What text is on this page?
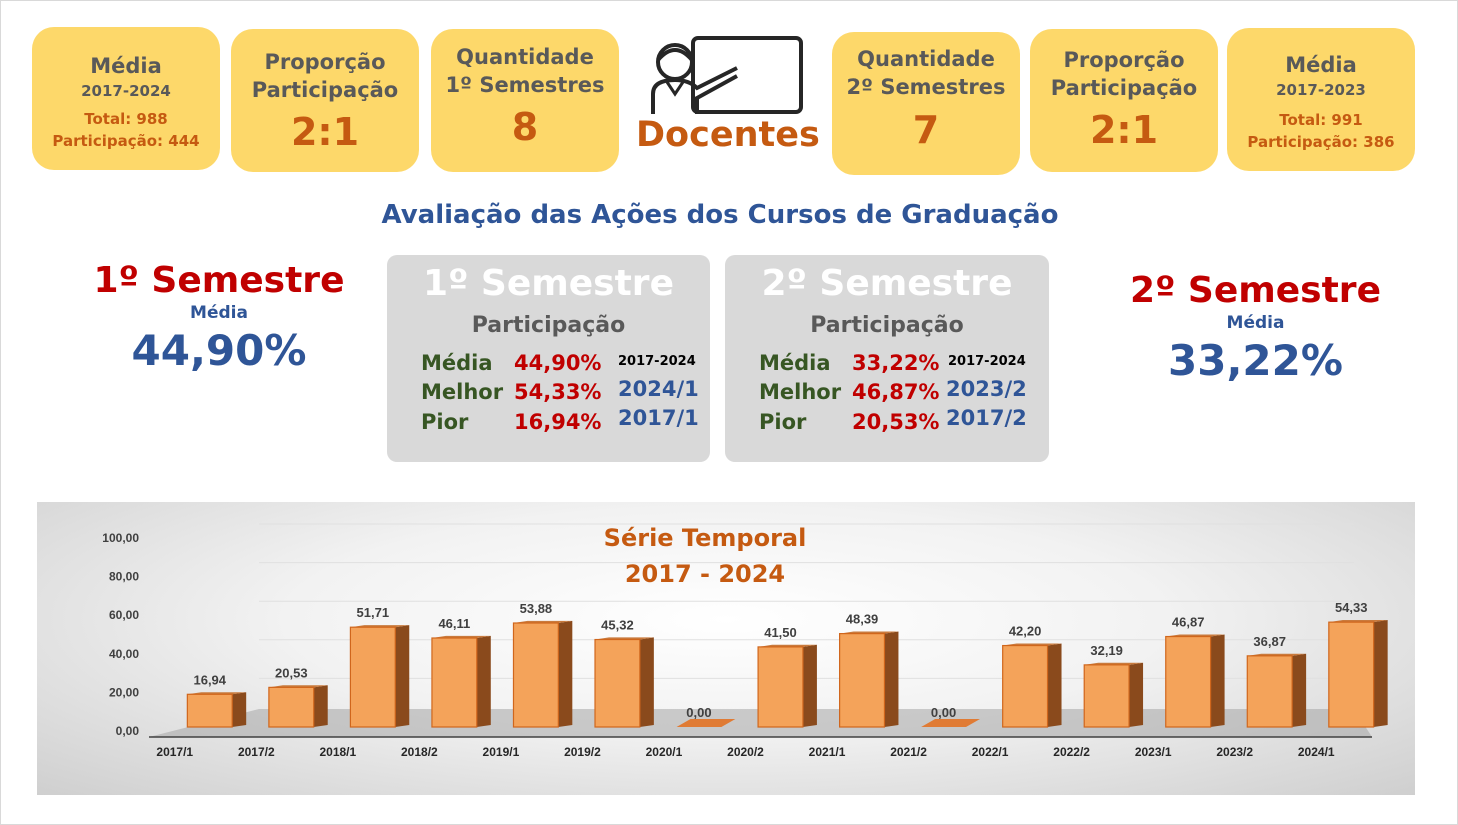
Média
2017-2024
Total: 988
Participação: 444
Proporção
Participação
2:1
Quantidade
1º Semestres
8	Docentes
Quantidade
2º Semestres
7
Proporção
Participação
2:1
Média
2017-2023
Total: 991
Participação: 386
Avaliação das Ações dos Cursos de Graduação
1º Semestre
Média
44,90%
2º Semestre
Média
33,22%
1º Semestre
Participação
Média 44,90% 2017-2024
Melhor 54,33% 2024/1
Pior 16,94% 2017/1
2º Semestre
Participação
Média 33,22% 2017-2024
Melhor 46,87% 2023/2
Pior 20,53% 2017/2
Série Temporal
2017 - 2024
0,00
20,00
40,00
60,00
80,00
100,00
16,94
2017/1
20,53
2017/2
51,71
2018/1
46,11
2018/2
53,88
2019/1
45,32
2019/2
0,00
2020/1
41,50
2020/2
48,39
2021/1
0,00
2021/2
42,20
2022/1
32,19
2022/2
46,87
2023/1
36,87
2023/2
54,33
2024/1
